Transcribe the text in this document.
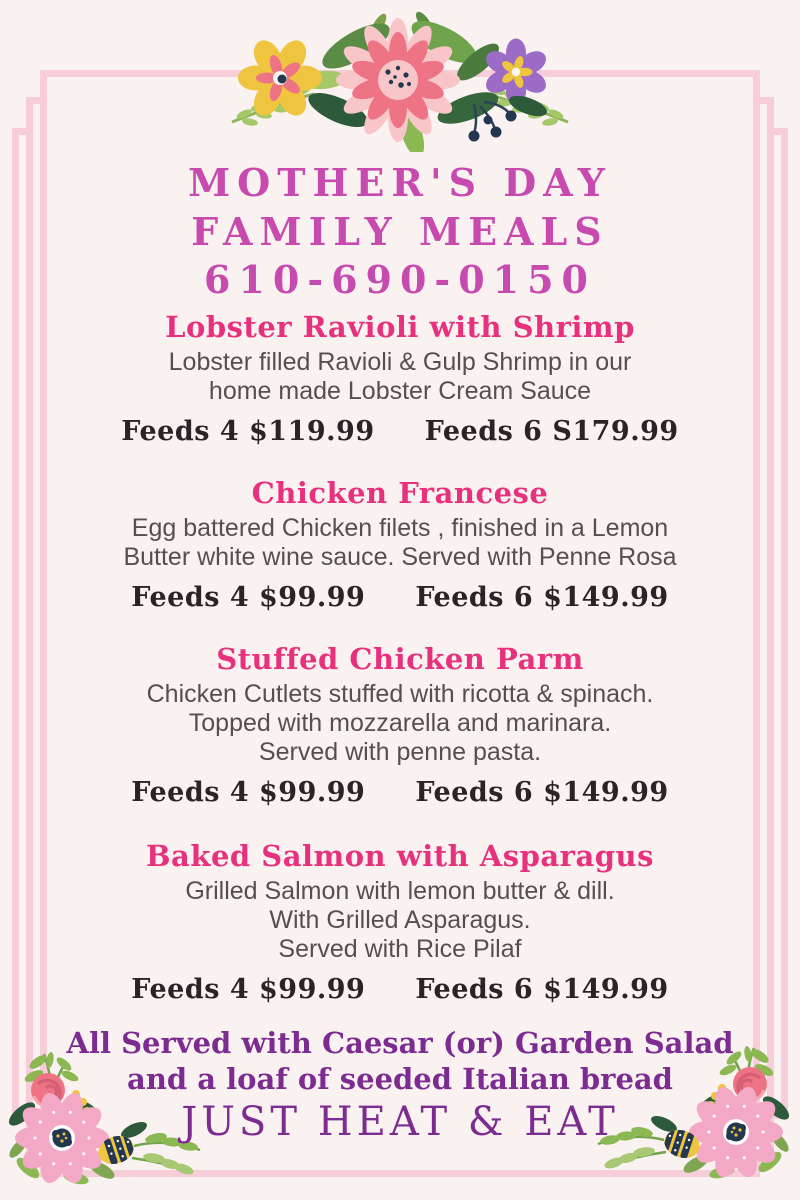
MOTHER'S DAY
FAMILY MEALS
610-690-0150
Lobster Ravioli with Shrimp

Lobster filled Ravioli & Gulp Shrimp in our

home made Lobster Cream Sauce

Feeds 4 $119.99 Feeds 6 S179.99
Chicken Francese

Egg battered Chicken filets , finished in a Lemon

Butter white wine sauce. Served with Penne Rosa

Feeds 4 $99.99 Feeds 6 $149.99
Stuffed Chicken Parm

Chicken Cutlets stuffed with ricotta & spinach.

Topped with mozzarella and marinara.

Served with penne pasta.

Feeds 4 $99.99 Feeds 6 $149.99
Baked Salmon with Asparagus

Grilled Salmon with lemon butter & dill.

With Grilled Asparagus.

Served with Rice Pilaf

Feeds 4 $99.99 Feeds 6 $149.99
All Served with Caesar (or) Garden Salad
and a loaf of seeded Italian bread
JUST HEAT & EAT
